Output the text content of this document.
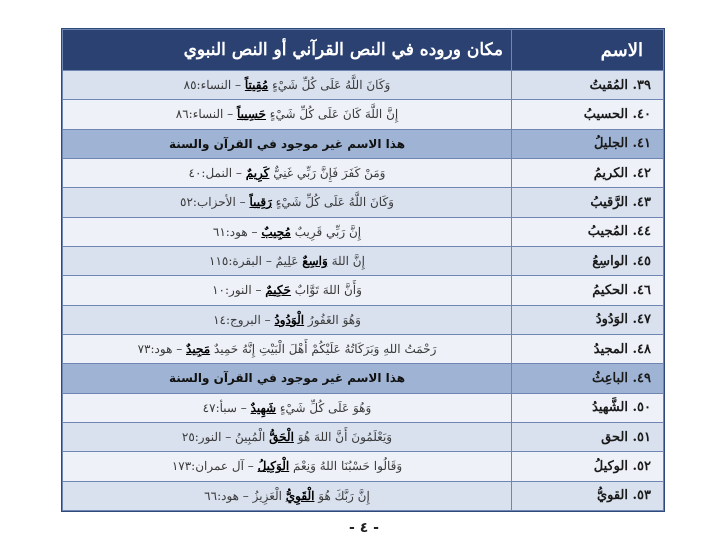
الاسم	مكان وروده في النص القرآني أو النص النبوي
٣٩. المُقيتُ	وَكَانَ اللَّهُ عَلَى كُلِّ شَيْءٍ مُقِيتاً – النساء:٨٥
٤٠. الحسيبُ	إِنَّ اللَّهَ كَانَ عَلَى كُلِّ شَيْءٍ حَسِيباً – النساء:٨٦
٤١. الجليلُ	هذا الاسم غير موجود في القرآن والسنة
٤٢. الكريمُ	وَمَنْ كَفَرَ فَإِنَّ رَبِّي غَنِيٌّ كَرِيمٌ – النمل:٤٠
٤٣. الرَّقيبُ	وَكَانَ اللَّهُ عَلَى كُلِّ شَيْءٍ رَقِيباً – الأحزاب:٥٢
٤٤. المُجيبُ	إِنَّ رَبِّي قَرِيبٌ مُجِيبٌ – هود:٦١
٤٥. الواسِعُ	إِنَّ اللهَ وَاسِعٌ عَلِيمٌ – البقرة:١١٥
٤٦. الحكيمُ	وَأَنَّ اللهَ تَوَّابٌ حَكِيمٌ – النور:١٠
٤٧. الوَدُودُ	وَهُوَ الغَفُورُ الْوَدُودُ – البروج:١٤
٤٨. المجيدُ	رَحْمَتُ اللهِ وَبَرَكَاتُهُ عَلَيْكُمْ أَهْلَ الْبَيْتِ إِنَّهُ حَمِيدٌ مَجِيدٌ – هود:٧٣
٤٩. الباعِثُ	هذا الاسم غير موجود في القرآن والسنة
٥٠. الشَّهيدُ	وَهُوَ عَلَى كُلِّ شَيْءٍ شَهِيدٌ – سبأ:٤٧
٥١. الحق	وَيَعْلَمُونَ أَنَّ اللهَ هُوَ الْحَقُّ الْمُبِينُ – النور:٢٥
٥٢. الوكيلُ	وَقَالُوا حَسْبُنَا اللهُ وَنِعْمَ الْوَكِيلُ – آل عمران:١٧٣
٥٣. القويُّ	إِنَّ رَبَّكَ هُوَ الْقَوِيُّ الْعَزِيزُ – هود:٦٦
- ٤ -
